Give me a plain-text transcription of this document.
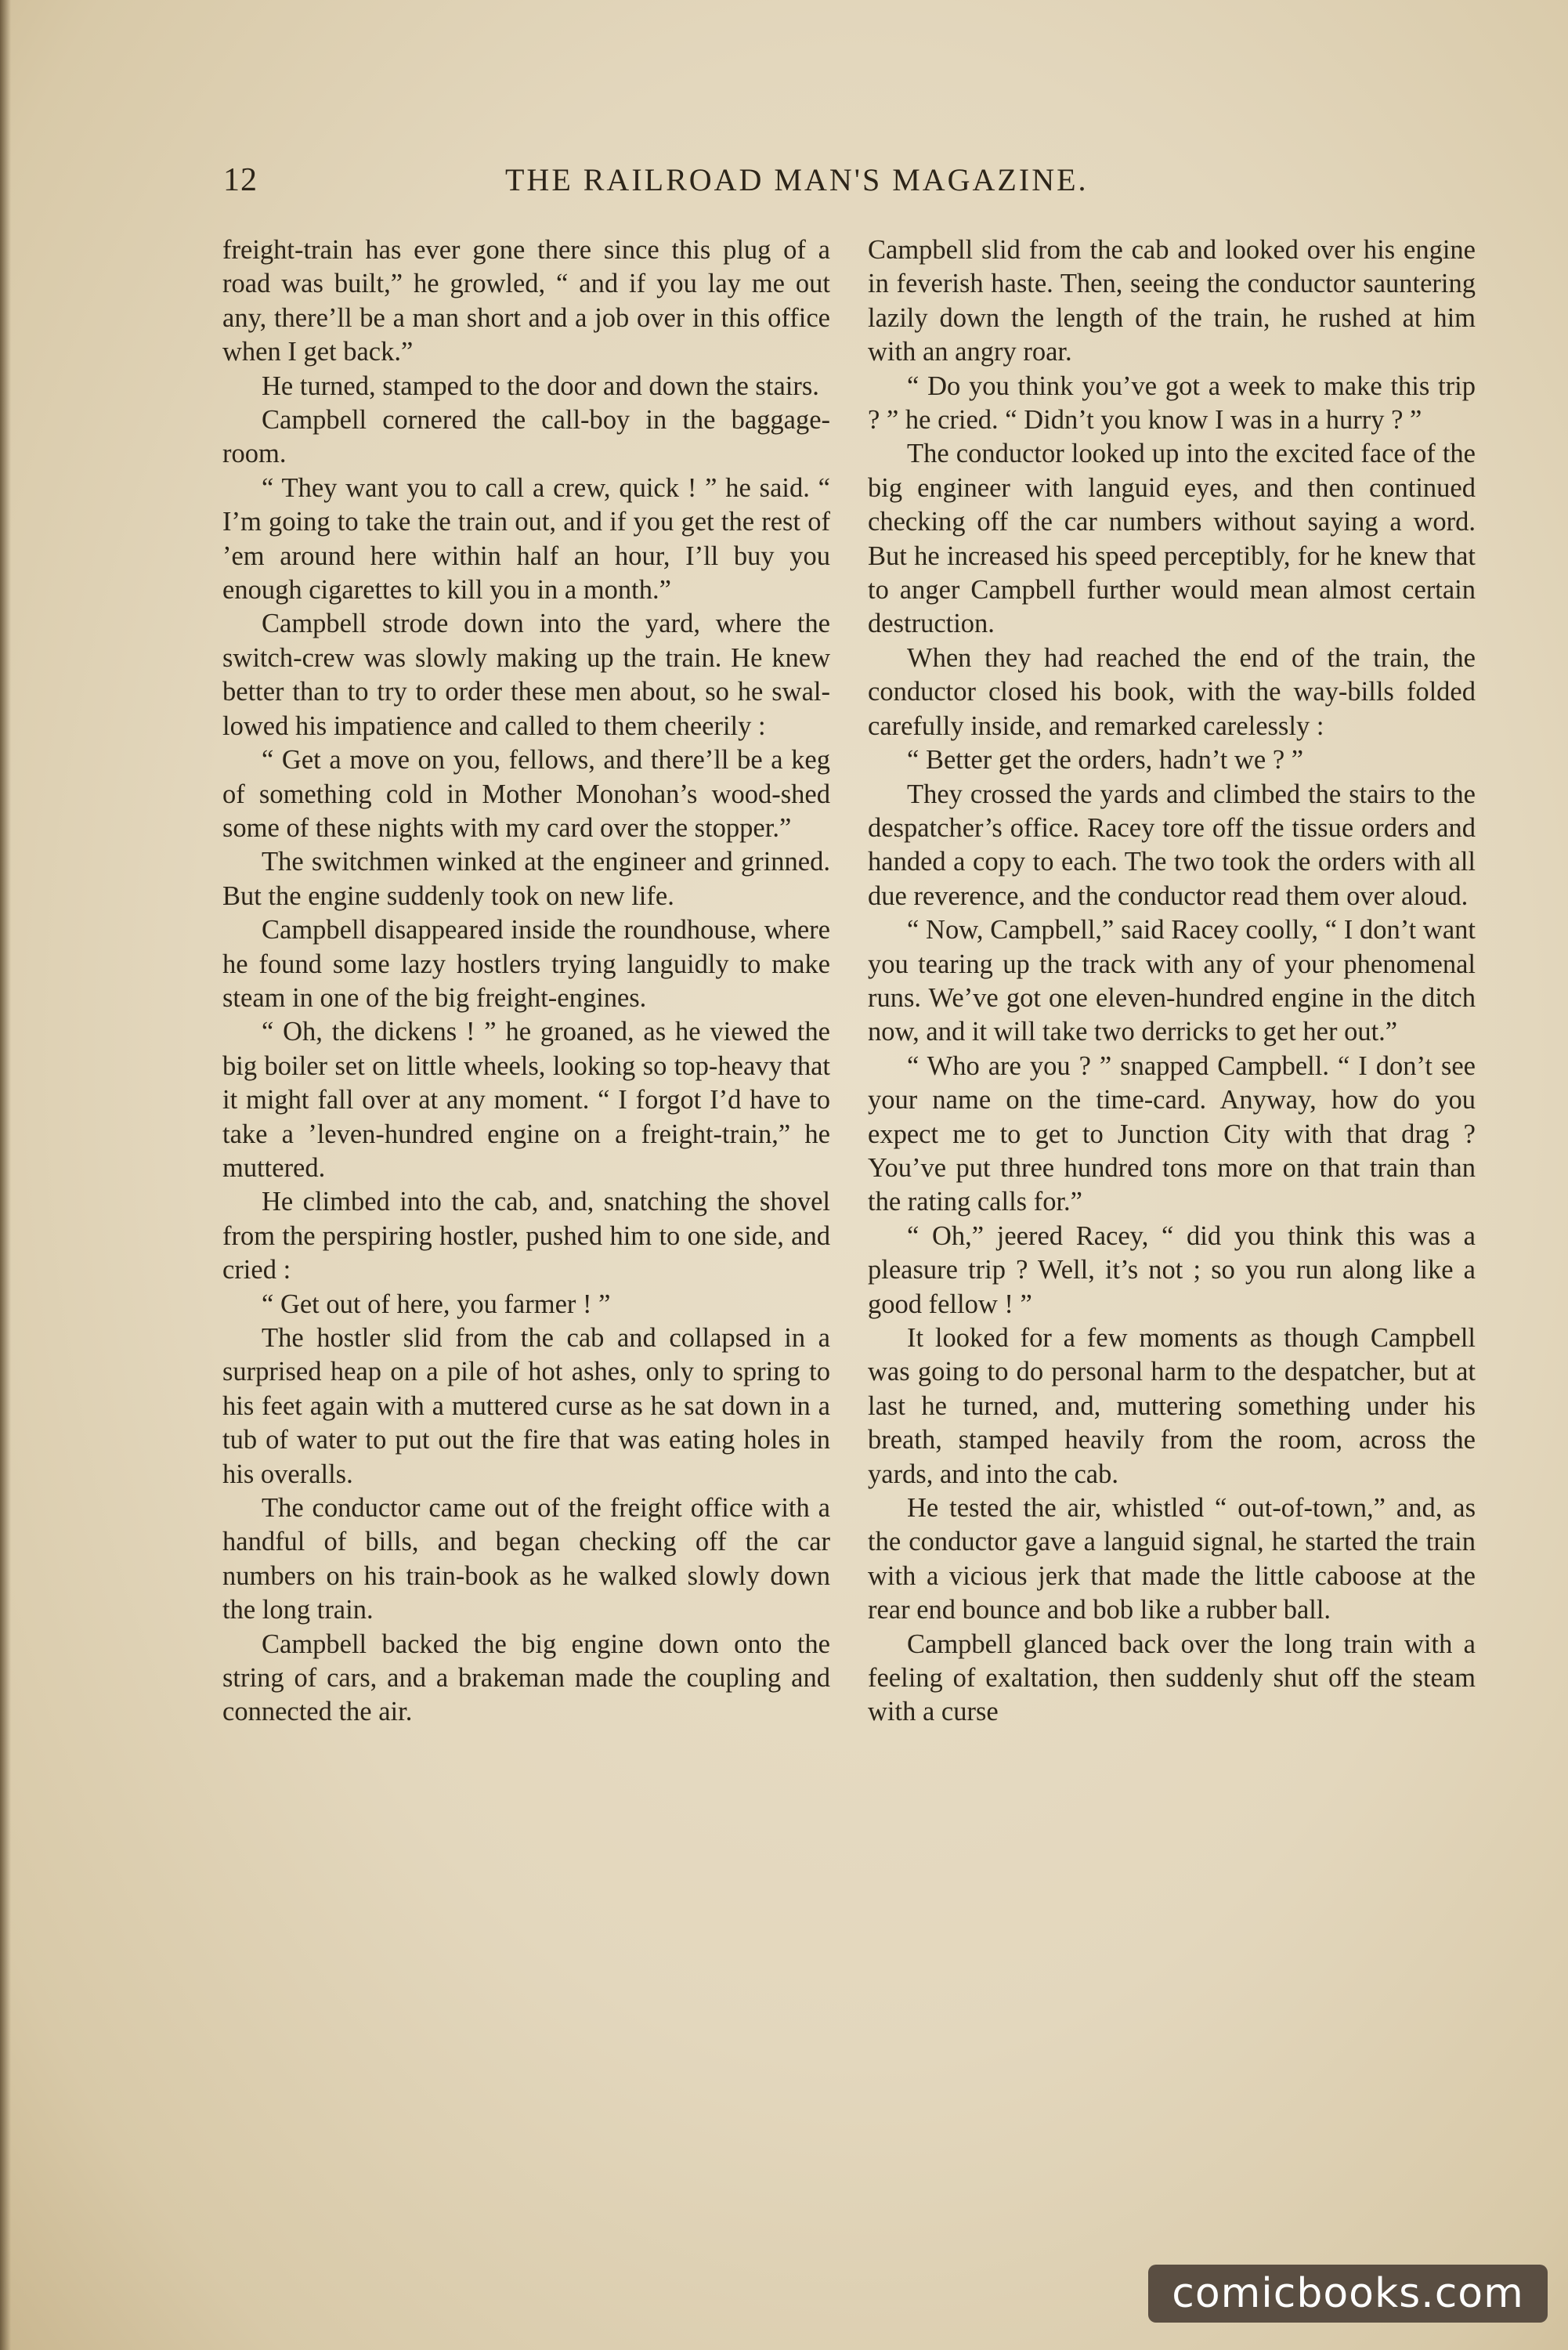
12	THE RAILROAD MAN'S MAGAZINE.

freight-train has ever gone there since this plug of a road was built,” he growled, “ and if you lay me out any, there’ll be a man short and a job over in this office when I get back.”

He turned, stamped to the door and down the stairs.

Campbell cornered the call-boy in the baggage-room.

“ They want you to call a crew, quick ! ” he said. “ I’m going to take the train out, and if you get the rest of ’em around here within half an hour, I’ll buy you enough cigarettes to kill you in a month.”

Campbell strode down into the yard, where the switch-crew was slowly making up the train. He knew better than to try to order these men about, so he swallowed his impatience and called to them cheerily :

“ Get a move on you, fellows, and there’ll be a keg of something cold in Mother Monohan’s wood-shed some of these nights with my card over the stopper.”

The switchmen winked at the engineer and grinned. But the engine suddenly took on new life.

Campbell disappeared inside the roundhouse, where he found some lazy hostlers trying languidly to make steam in one of the big freight-engines.

“ Oh, the dickens ! ” he groaned, as he viewed the big boiler set on little wheels, looking so top-heavy that it might fall over at any moment. “ I forgot I’d have to take a ’leven-hundred engine on a freight-train,” he muttered.

He climbed into the cab, and, snatching the shovel from the perspiring hostler, pushed him to one side, and cried :

“ Get out of here, you farmer ! ”

The hostler slid from the cab and collapsed in a surprised heap on a pile of hot ashes, only to spring to his feet again with a muttered curse as he sat down in a tub of water to put out the fire that was eating holes in his overalls.

The conductor came out of the freight office with a handful of bills, and began checking off the car numbers on his train-book as he walked slowly down the long train.

Campbell backed the big engine down onto the string of cars, and a brakeman made the coupling and connected the air.

Campbell slid from the cab and looked over his engine in feverish haste. Then, seeing the conductor sauntering lazily down the length of the train, he rushed at him with an angry roar.

“ Do you think you’ve got a week to make this trip ? ” he cried. “ Didn’t you know I was in a hurry ? ”

The conductor looked up into the excited face of the big engineer with languid eyes, and then continued checking off the car numbers without saying a word. But he increased his speed perceptibly, for he knew that to anger Campbell further would mean almost certain destruction.

When they had reached the end of the train, the conductor closed his book, with the way-bills folded carefully inside, and remarked carelessly :

“ Better get the orders, hadn’t we ? ”

They crossed the yards and climbed the stairs to the despatcher’s office. Racey tore off the tissue orders and handed a copy to each. The two took the orders with all due reverence, and the conductor read them over aloud.

“ Now, Campbell,” said Racey coolly, “ I don’t want you tearing up the track with any of your phenomenal runs. We’ve got one eleven-hundred engine in the ditch now, and it will take two derricks to get her out.”

“ Who are you ? ” snapped Campbell. “ I don’t see your name on the time-card. Anyway, how do you expect me to get to Junction City with that drag ? You’ve put three hundred tons more on that train than the rating calls for.”

“ Oh,” jeered Racey, “ did you think this was a pleasure trip ? Well, it’s not ; so you run along like a good fellow ! ”

It looked for a few moments as though Campbell was going to do personal harm to the despatcher, but at last he turned, and, muttering something under his breath, stamped heavily from the room, across the yards, and into the cab.

He tested the air, whistled “ out-of-town,” and, as the conductor gave a languid signal, he started the train with a vicious jerk that made the little caboose at the rear end bounce and bob like a rubber ball.

Campbell glanced back over the long train with a feeling of exaltation, then suddenly shut off the steam with a curse

comicbooks.com
